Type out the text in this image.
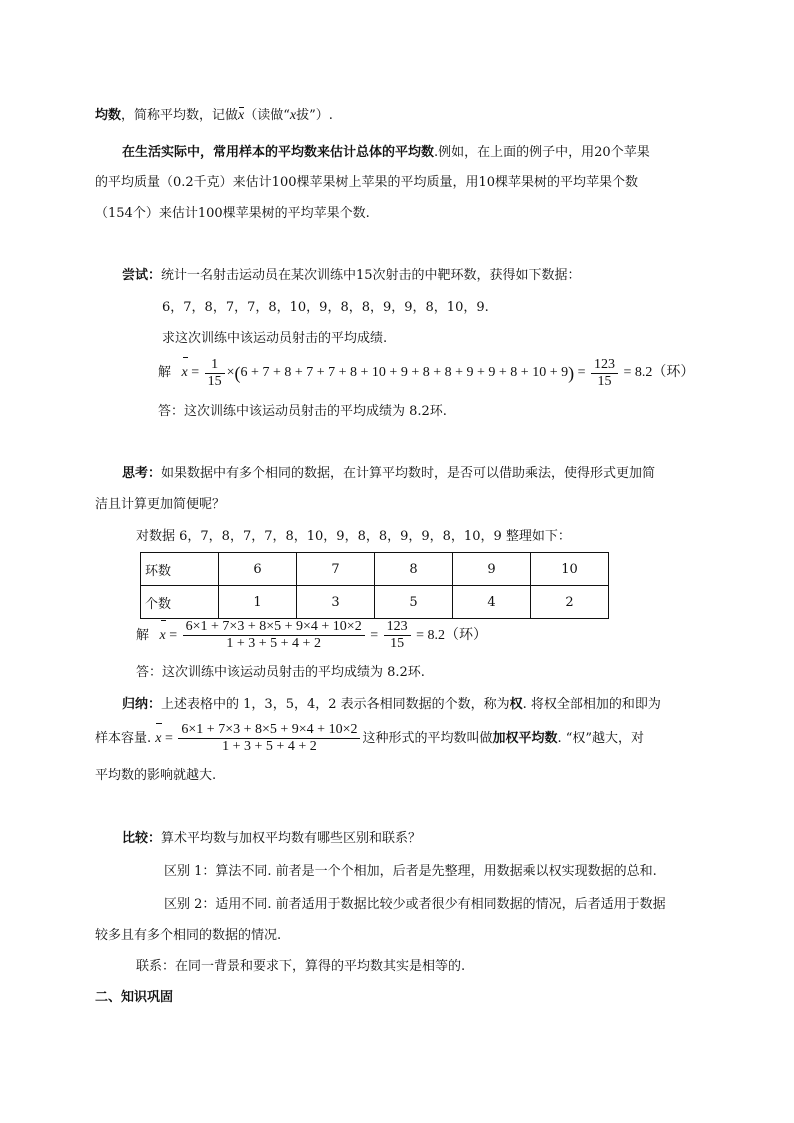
均数，简称平均数，记做x（读做“x拔”）.
在生活实际中，常用样本的平均数来估计总体的平均数.例如，在上面的例子中，用20个苹果
的平均质量（0.2千克）来估计100棵苹果树上苹果的平均质量，用10棵苹果树的平均苹果个数
（154个）来估计100棵苹果树的平均苹果个数.
尝试：统计一名射击运动员在某次训练中15次射击的中靶环数，获得如下数据：
6，7，8，7，7，8，10，9，8，8，9，9，8，10，9.
求这次训练中该运动员射击的平均成绩.
解 $x = \frac{1}{15} \times(6 + 7 + 8 + 7 + 7 + 8 + 10 + 9 + 8 + 8 + 9 + 9 + 8 + 10 + 9) = \frac{123}{15} = 8.2$（环）
答：这次训练中该运动员射击的平均成绩为 8.2环.
思考：如果数据中有多个相同的数据，在计算平均数时，是否可以借助乘法，使得形式更加简
洁且计算更加简便呢？
对数据 6，7，8，7，7，8，10，9，8，8，9，9，8，10，9 整理如下：
环数	6	7	8	9	10
个数	1	3	5	4	2
解 $x = \frac{6\times 1 + 7\times 3 + 8\times 5 + 9\times 4 + 10\times 2}{1 + 3 + 5 + 4 + 2} = \frac{123}{15} = 8.2$（环）
答：这次训练中该运动员射击的平均成绩为 8.2环.
归纳：上述表格中的 1，3，5，4，2 表示各相同数据的个数，称为权. 将权全部相加的和即为
样本容量. $x = \frac{6\times 1 + 7\times 3 + 8\times 5 + 9\times 4 + 10\times 2}{1 + 3 + 5 + 4 + 2}$ 这种形式的平均数叫做加权平均数. “权”越大，对
平均数的影响就越大.
比较：算术平均数与加权平均数有哪些区别和联系？
区别 1：算法不同. 前者是一个个相加，后者是先整理，用数据乘以权实现数据的总和.
区别 2：适用不同. 前者适用于数据比较少或者很少有相同数据的情况，后者适用于数据
较多且有多个相同的数据的情况.
联系：在同一背景和要求下，算得的平均数其实是相等的.
二、知识巩固
